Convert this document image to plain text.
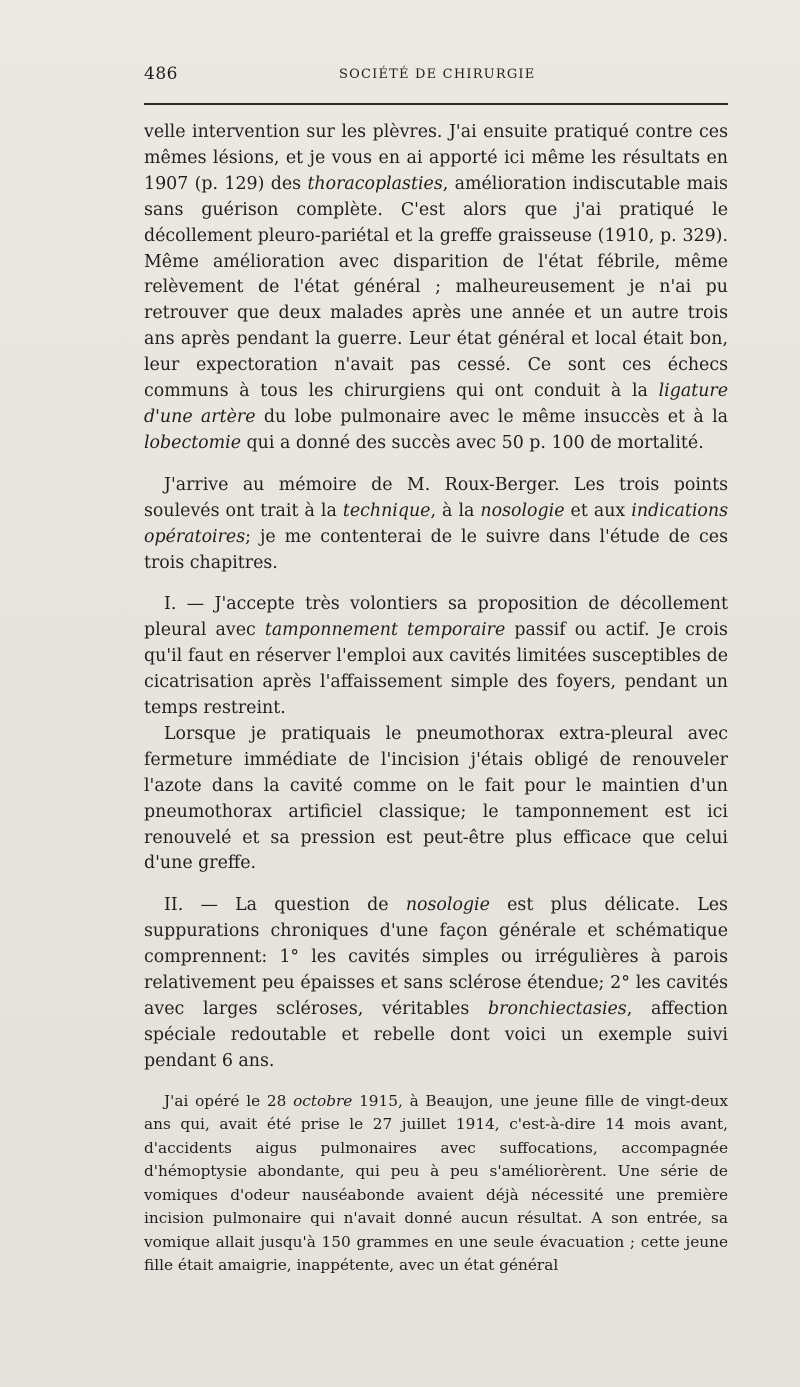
486	SOCIÉTÉ DE CHIRURGIE

velle intervention sur les plèvres. J'ai ensuite pratiqué contre ces mêmes lésions, et je vous en ai apporté ici même les résultats en 1907 (p. 129) des thoracoplasties, amélioration indiscutable mais sans guérison complète. C'est alors que j'ai pratiqué le décollement pleuro-pariétal et la greffe graisseuse (1910, p. 329). Même amélioration avec disparition de l'état fébrile, même relèvement de l'état général ; malheureusement je n'ai pu retrouver que deux malades après une année et un autre trois ans après pendant la guerre. Leur état général et local était bon, leur expectoration n'avait pas cessé. Ce sont ces échecs communs à tous les chirurgiens qui ont conduit à la ligature d'une artère du lobe pulmonaire avec le même insuccès et à la lobectomie qui a donné des succès avec 50 p. 100 de mortalité.

J'arrive au mémoire de M. Roux-Berger. Les trois points soulevés ont trait à la technique, à la nosologie et aux indications opératoires; je me contenterai de le suivre dans l'étude de ces trois chapitres.

I. — J'accepte très volontiers sa proposition de décollement pleural avec tamponnement temporaire passif ou actif. Je crois qu'il faut en réserver l'emploi aux cavités limitées susceptibles de cicatrisation après l'affaissement simple des foyers, pendant un temps restreint.

Lorsque je pratiquais le pneumothorax extra-pleural avec fermeture immédiate de l'incision j'étais obligé de renouveler l'azote dans la cavité comme on le fait pour le maintien d'un pneumothorax artificiel classique; le tamponnement est ici renouvelé et sa pression est peut-être plus efficace que celui d'une greffe.

II. — La question de nosologie est plus délicate. Les suppurations chroniques d'une façon générale et schématique comprennent: 1° les cavités simples ou irrégulières à parois relativement peu épaisses et sans sclérose étendue; 2° les cavités avec larges scléroses, véritables bronchiectasies, affection spéciale redoutable et rebelle dont voici un exemple suivi pendant 6 ans.

J'ai opéré le 28 octobre 1915, à Beaujon, une jeune fille de vingt-deux ans qui, avait été prise le 27 juillet 1914, c'est-à-dire 14 mois avant, d'accidents aigus pulmonaires avec suffocations, accompagnée d'hémoptysie abondante, qui peu à peu s'améliorèrent. Une série de vomiques d'odeur nauséabonde avaient déjà nécessité une première incision pulmonaire qui n'avait donné aucun résultat. A son entrée, sa vomique allait jusqu'à 150 grammes en une seule évacuation ; cette jeune fille était amaigrie, inappétente, avec un état général
